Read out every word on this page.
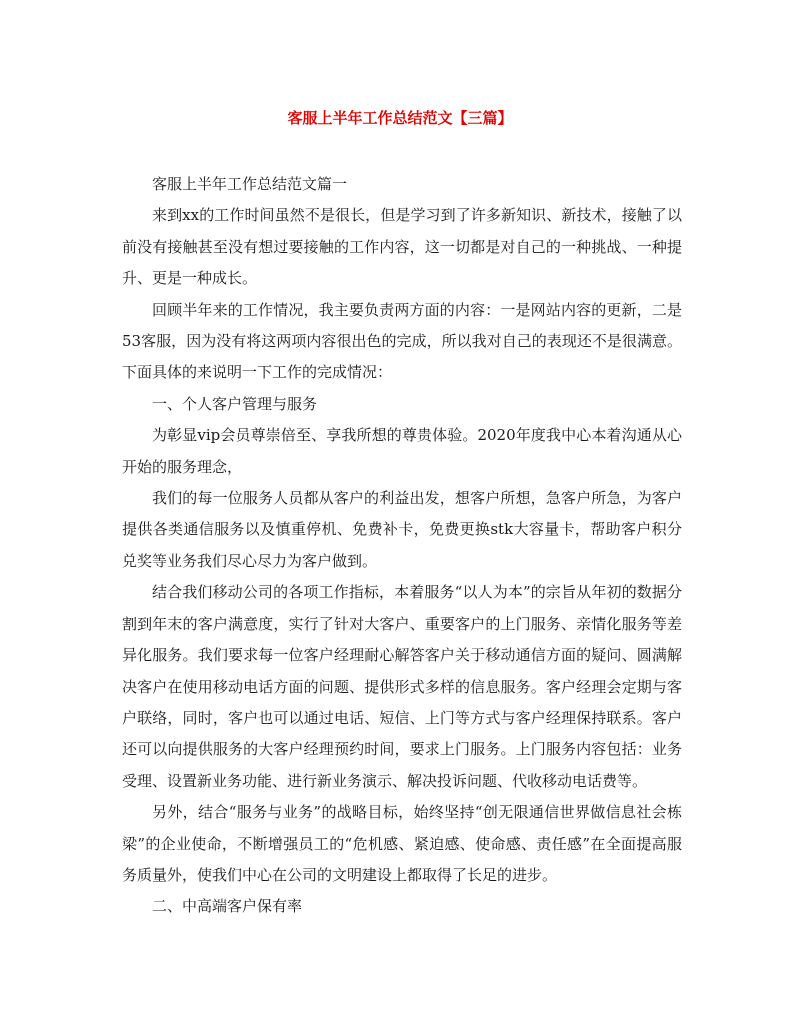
客服上半年工作总结范文【三篇】

客服上半年工作总结范文篇一

来到xx的工作时间虽然不是很长，但是学习到了许多新知识、新技术，接触了以前没有接触甚至没有想过要接触的工作内容，这一切都是对自己的一种挑战、一种提升、更是一种成长。

回顾半年来的工作情况，我主要负责两方面的内容：一是网站内容的更新，二是53客服，因为没有将这两项内容很出色的完成，所以我对自己的表现还不是很满意。下面具体的来说明一下工作的完成情况：

一、个人客户管理与服务

为彰显vip会员尊崇倍至、享我所想的尊贵体验。2020年度我中心本着沟通从心开始的服务理念，

我们的每一位服务人员都从客户的利益出发，想客户所想，急客户所急，为客户提供各类通信服务以及慎重停机、免费补卡，免费更换stk大容量卡，帮助客户积分兑奖等业务我们尽心尽力为客户做到。

结合我们移动公司的各项工作指标，本着服务“以人为本”的宗旨从年初的数据分割到年末的客户满意度，实行了针对大客户、重要客户的上门服务、亲情化服务等差异化服务。我们要求每一位客户经理耐心解答客户关于移动通信方面的疑问、圆满解决客户在使用移动电话方面的问题、提供形式多样的信息服务。客户经理会定期与客户联络，同时，客户也可以通过电话、短信、上门等方式与客户经理保持联系。客户还可以向提供服务的大客户经理预约时间，要求上门服务。上门服务内容包括：业务受理、设置新业务功能、进行新业务演示、解决投诉问题、代收移动电话费等。

另外，结合“服务与业务”的战略目标，始终坚持“创无限通信世界做信息社会栋梁”的企业使命，不断增强员工的“危机感、紧迫感、使命感、责任感”在全面提高服务质量外，使我们中心在公司的文明建设上都取得了长足的进步。

二、中高端客户保有率
